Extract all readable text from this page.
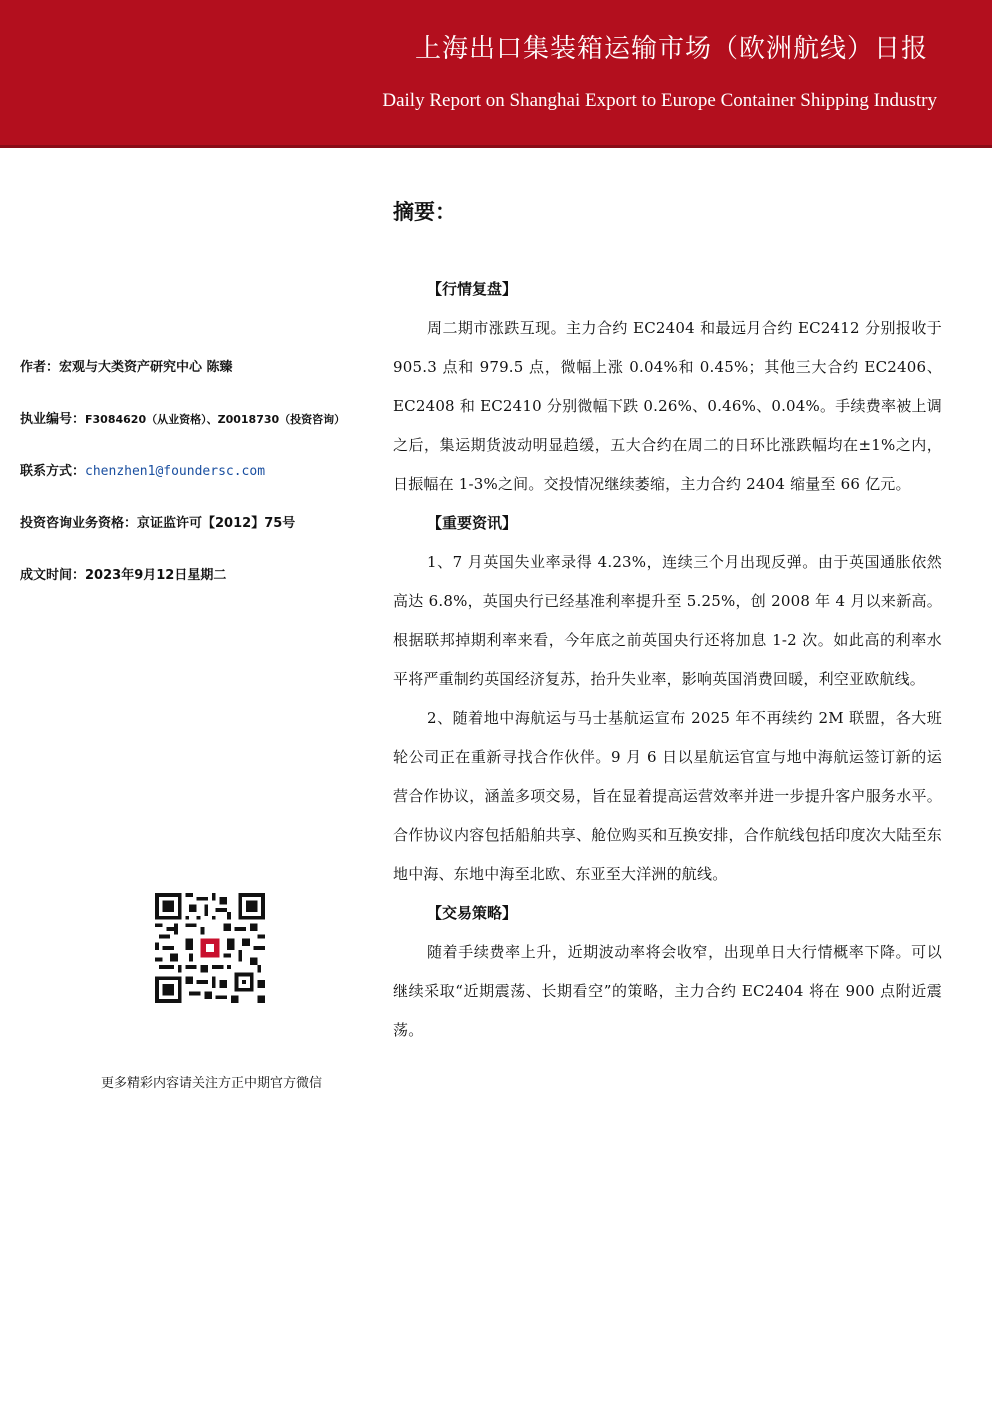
上海出口集装箱运输市场（欧洲航线）日报
Daily Report on Shanghai Export to Europe Container Shipping Industry
作者：宏观与大类资产研究中心 陈臻
执业编号：F3084620（从业资格）、Z0018730（投资咨询）
联系方式：chenzhen1@foundersc.com
投资咨询业务资格：京证监许可【2012】75号
成文时间：2023年9月12日星期二
更多精彩内容请关注方正中期官方微信
摘要：
【行情复盘】

周二期市涨跌互现。主力合约 EC2404 和最远月合约 EC2412 分别报收于 905.3 点和 979.5 点，微幅上涨 0.04%和 0.45%；其他三大合约 EC2406、EC2408 和 EC2410 分别微幅下跌 0.26%、0.46%、0.04%。手续费率被上调之后，集运期货波动明显趋缓，五大合约在周二的日环比涨跌幅均在±1%之内，日振幅在 1-3%之间。交投情况继续萎缩，主力合约 2404 缩量至 66 亿元。

【重要资讯】

1、7 月英国失业率录得 4.23%，连续三个月出现反弹。由于英国通胀依然高达 6.8%，英国央行已经基准利率提升至 5.25%，创 2008 年 4 月以来新高。根据联邦掉期利率来看，今年底之前英国央行还将加息 1-2 次。如此高的利率水平将严重制约英国经济复苏，抬升失业率，影响英国消费回暖，利空亚欧航线。

2、随着地中海航运与马士基航运宣布 2025 年不再续约 2M 联盟，各大班轮公司正在重新寻找合作伙伴。9 月 6 日以星航运官宣与地中海航运签订新的运营合作协议，涵盖多项交易，旨在显着提高运营效率并进一步提升客户服务水平。合作协议内容包括船舶共享、舱位购买和互换安排，合作航线包括印度次大陆至东地中海、东地中海至北欧、东亚至大洋洲的航线。

【交易策略】

随着手续费率上升，近期波动率将会收窄，出现单日大行情概率下降。可以继续采取“近期震荡、长期看空”的策略，主力合约 EC2404 将在 900 点附近震荡。
